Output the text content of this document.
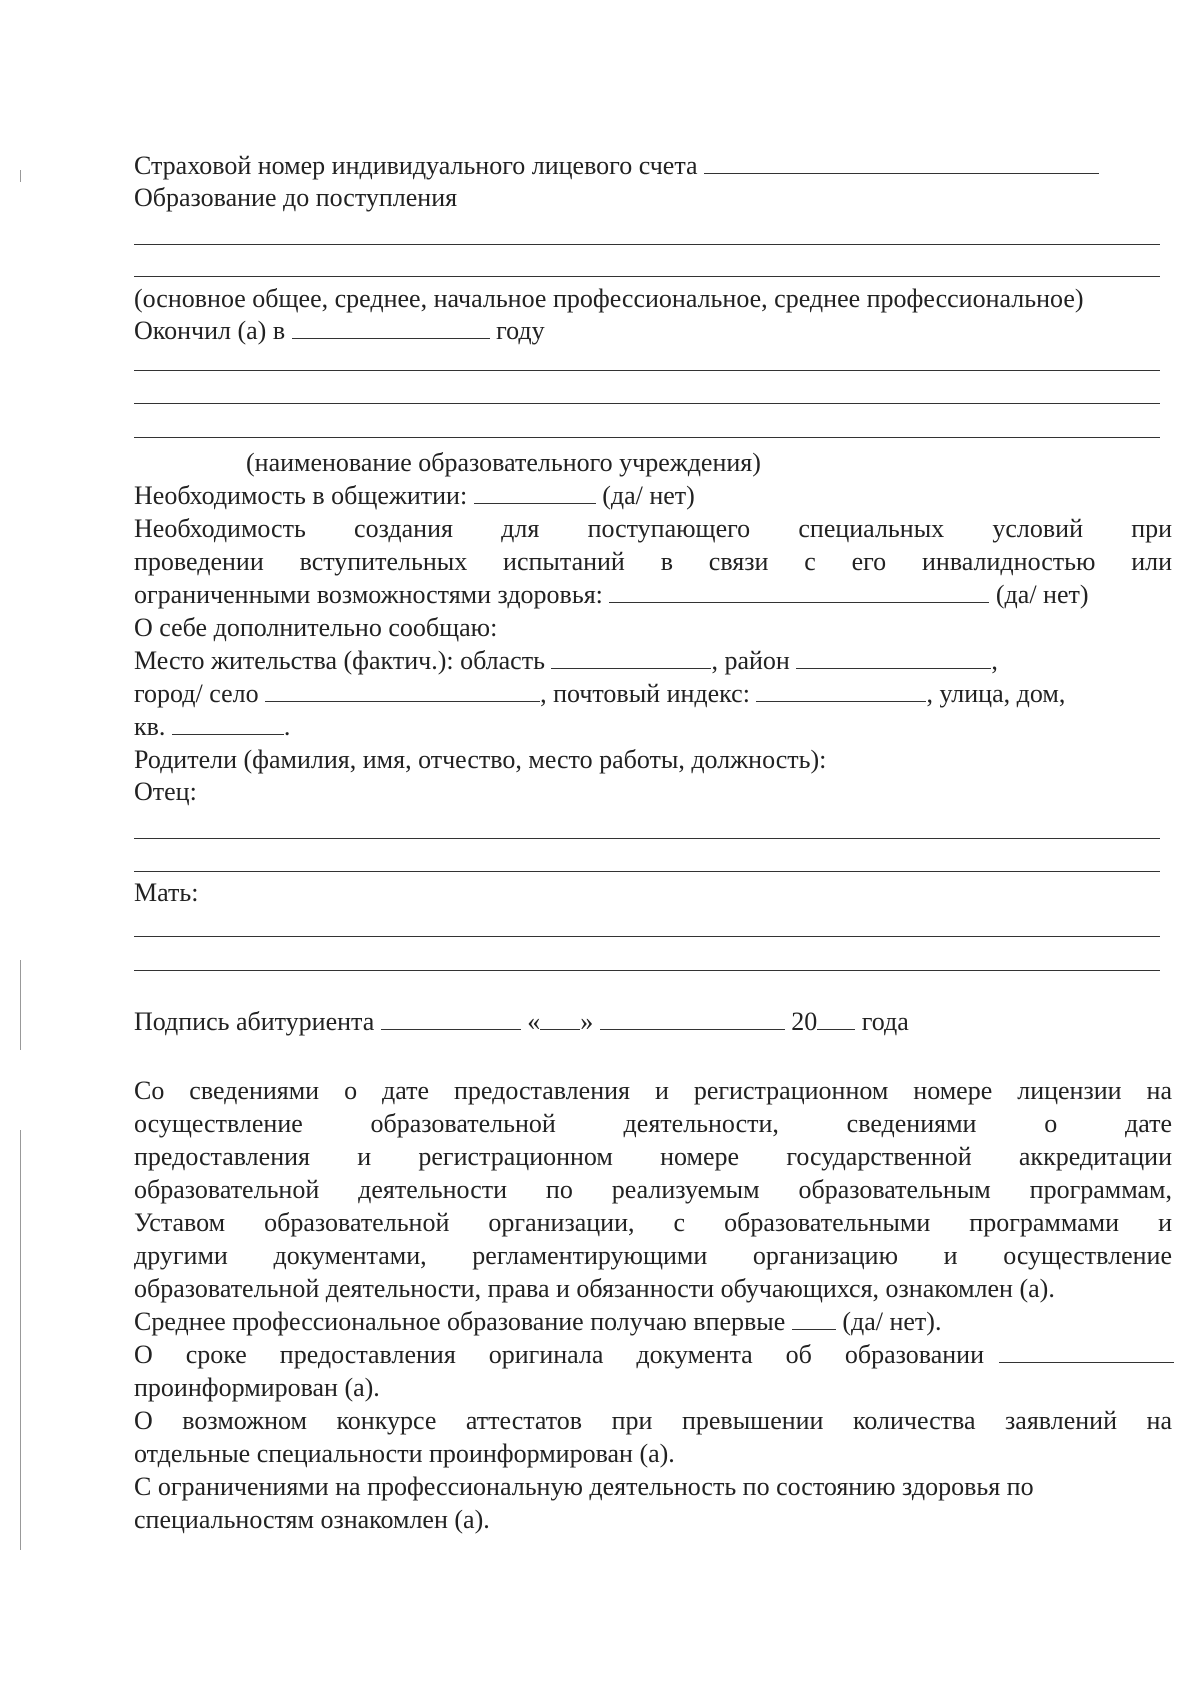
Страховой номер индивидуального лицевого счета
Образование до поступления
(основное общее, среднее, начальное профессиональное, среднее профессиональное)
Окончил (а) в	году
(наименование образовательного учреждения)
Необходимость в общежитии:	(да/ нет)
Необходимость создания для поступающего специальных условий при
проведении вступительных испытаний в связи с его инвалидностью или
ограниченными возможностями здоровья:	(да/ нет)
О себе дополнительно сообщаю:
Место жительства (фактич.): область	, район	,
город/ село	, почтовый индекс:	, улица, дом,
кв.	.
Родители (фамилия, имя, отчество, место работы, должность):
Отец:
Мать:
Подпись абитуриента	« »	20 года
Со сведениями о дате предоставления и регистрационном номере лицензии на
осуществление образовательной деятельности, сведениями о дате
предоставления и регистрационном номере государственной аккредитации
образовательной деятельности по реализуемым образовательным программам,
Уставом образовательной организации, с образовательными программами и
другими документами, регламентирующими организацию и осуществление
образовательной деятельности, права и обязанности обучающихся, ознакомлен (а).
Среднее профессиональное образование получаю впервые (да/ нет).
О сроке предоставления оригинала документа об образовании
проинформирован (а).
О возможном конкурсе аттестатов при превышении количества заявлений на
отдельные специальности проинформирован (а).
С ограничениями на профессиональную деятельность по состоянию здоровья по
специальностям ознакомлен (а).
